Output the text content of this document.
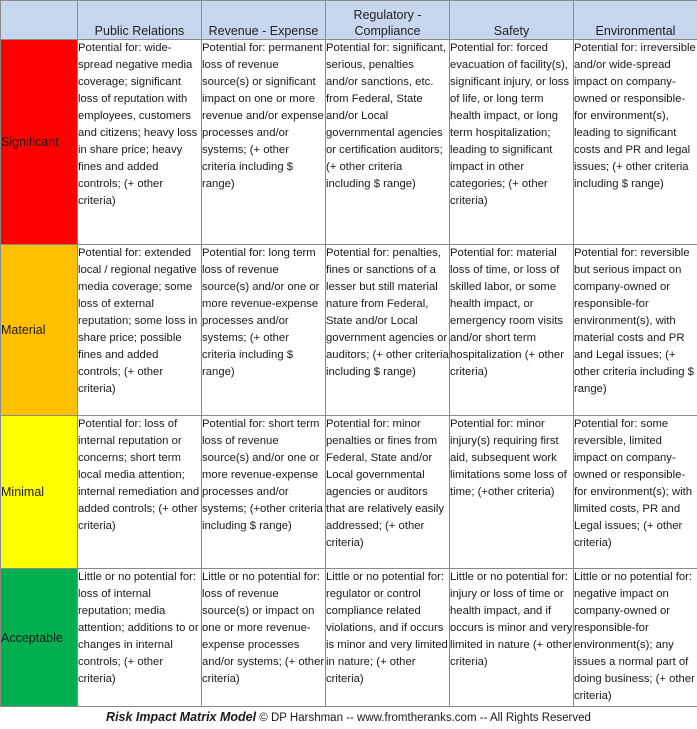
	Public Relations	Revenue - Expense	Regulatory - Compliance	Safety	Environmental
Significant	Potential for: wide-spread negative media coverage; significant loss of reputation with employees, customers and citizens; heavy loss in share price; heavy fines and added controls; (+ other criteria)	Potential for: permanent loss of revenue source(s) or significant impact on one or more revenue and/or expense processes and/or systems; (+ other criteria including $ range)	Potential for: significant, serious, penalties and/or sanctions, etc. from Federal, State and/or Local governmental agencies or certification auditors; (+ other criteria including $ range)	Potential for: forced evacuation of facility(s), significant injury, or loss of life, or long term health impact, or long term hospitalization; leading to significant impact in other categories; (+ other criteria)	Potential for: irreversible and/or wide-spread impact on company-owned or responsible-for environment(s), leading to significant costs and PR and legal issues; (+ other criteria including $ range)
Material	Potential for: extended local / regional negative media coverage; some loss of external reputation; some loss in share price; possible fines and added controls; (+ other criteria)	Potential for: long term loss of revenue source(s) and/or one or more revenue-expense processes and/or systems; (+ other criteria including $ range)	Potential for: penalties, fines or sanctions of a lesser but still material nature from Federal, State and/or Local government agencies or auditors; (+ other criteria including $ range)	Potential for: material loss of time, or loss of skilled labor, or some health impact, or emergency room visits and/or short term hospitalization (+ other criteria)	Potential for: reversible but serious impact on company-owned or responsible-for environment(s), with material costs and PR and Legal issues; (+ other criteria including $ range)
Minimal	Potential for: loss of internal reputation or concerns; short term local media attention; internal remediation and added controls; (+ other criteria)	Potential for: short term loss of revenue source(s) and/or one or more revenue-expense processes and/or systems; (+other criteria including $ range)	Potential for: minor penalties or fines from Federal, State and/or Local governmental agencies or auditors that are relatively easily addressed; (+ other criteria)	Potential for: minor injury(s) requiring first aid, subsequent work limitations some loss of time; (+other criteria)	Potential for: some reversible, limited impact on company-owned or responsible-for environment(s); with limited costs, PR and Legal issues; (+ other criteria)
Acceptable	Little or no potential for: loss of internal reputation; media attention; additions to or changes in internal controls; (+ other criteria)	Little or no potential for: loss of revenue source(s) or impact on one or more revenue-expense processes and/or systems; (+ other criteria)	Little or no potential for: regulator or control compliance related violations, and if occurs is minor and very limited in nature; (+ other criteria)	Little or no potential for: injury or loss of time or health impact, and if occurs is minor and very limited in nature (+ other criteria)	Little or no potential for: negative impact on company-owned or responsible-for environment(s); any issues a normal part of doing business; (+ other criteria)
Risk Impact Matrix Model © DP Harshman -- www.fromtheranks.com -- All Rights Reserved
